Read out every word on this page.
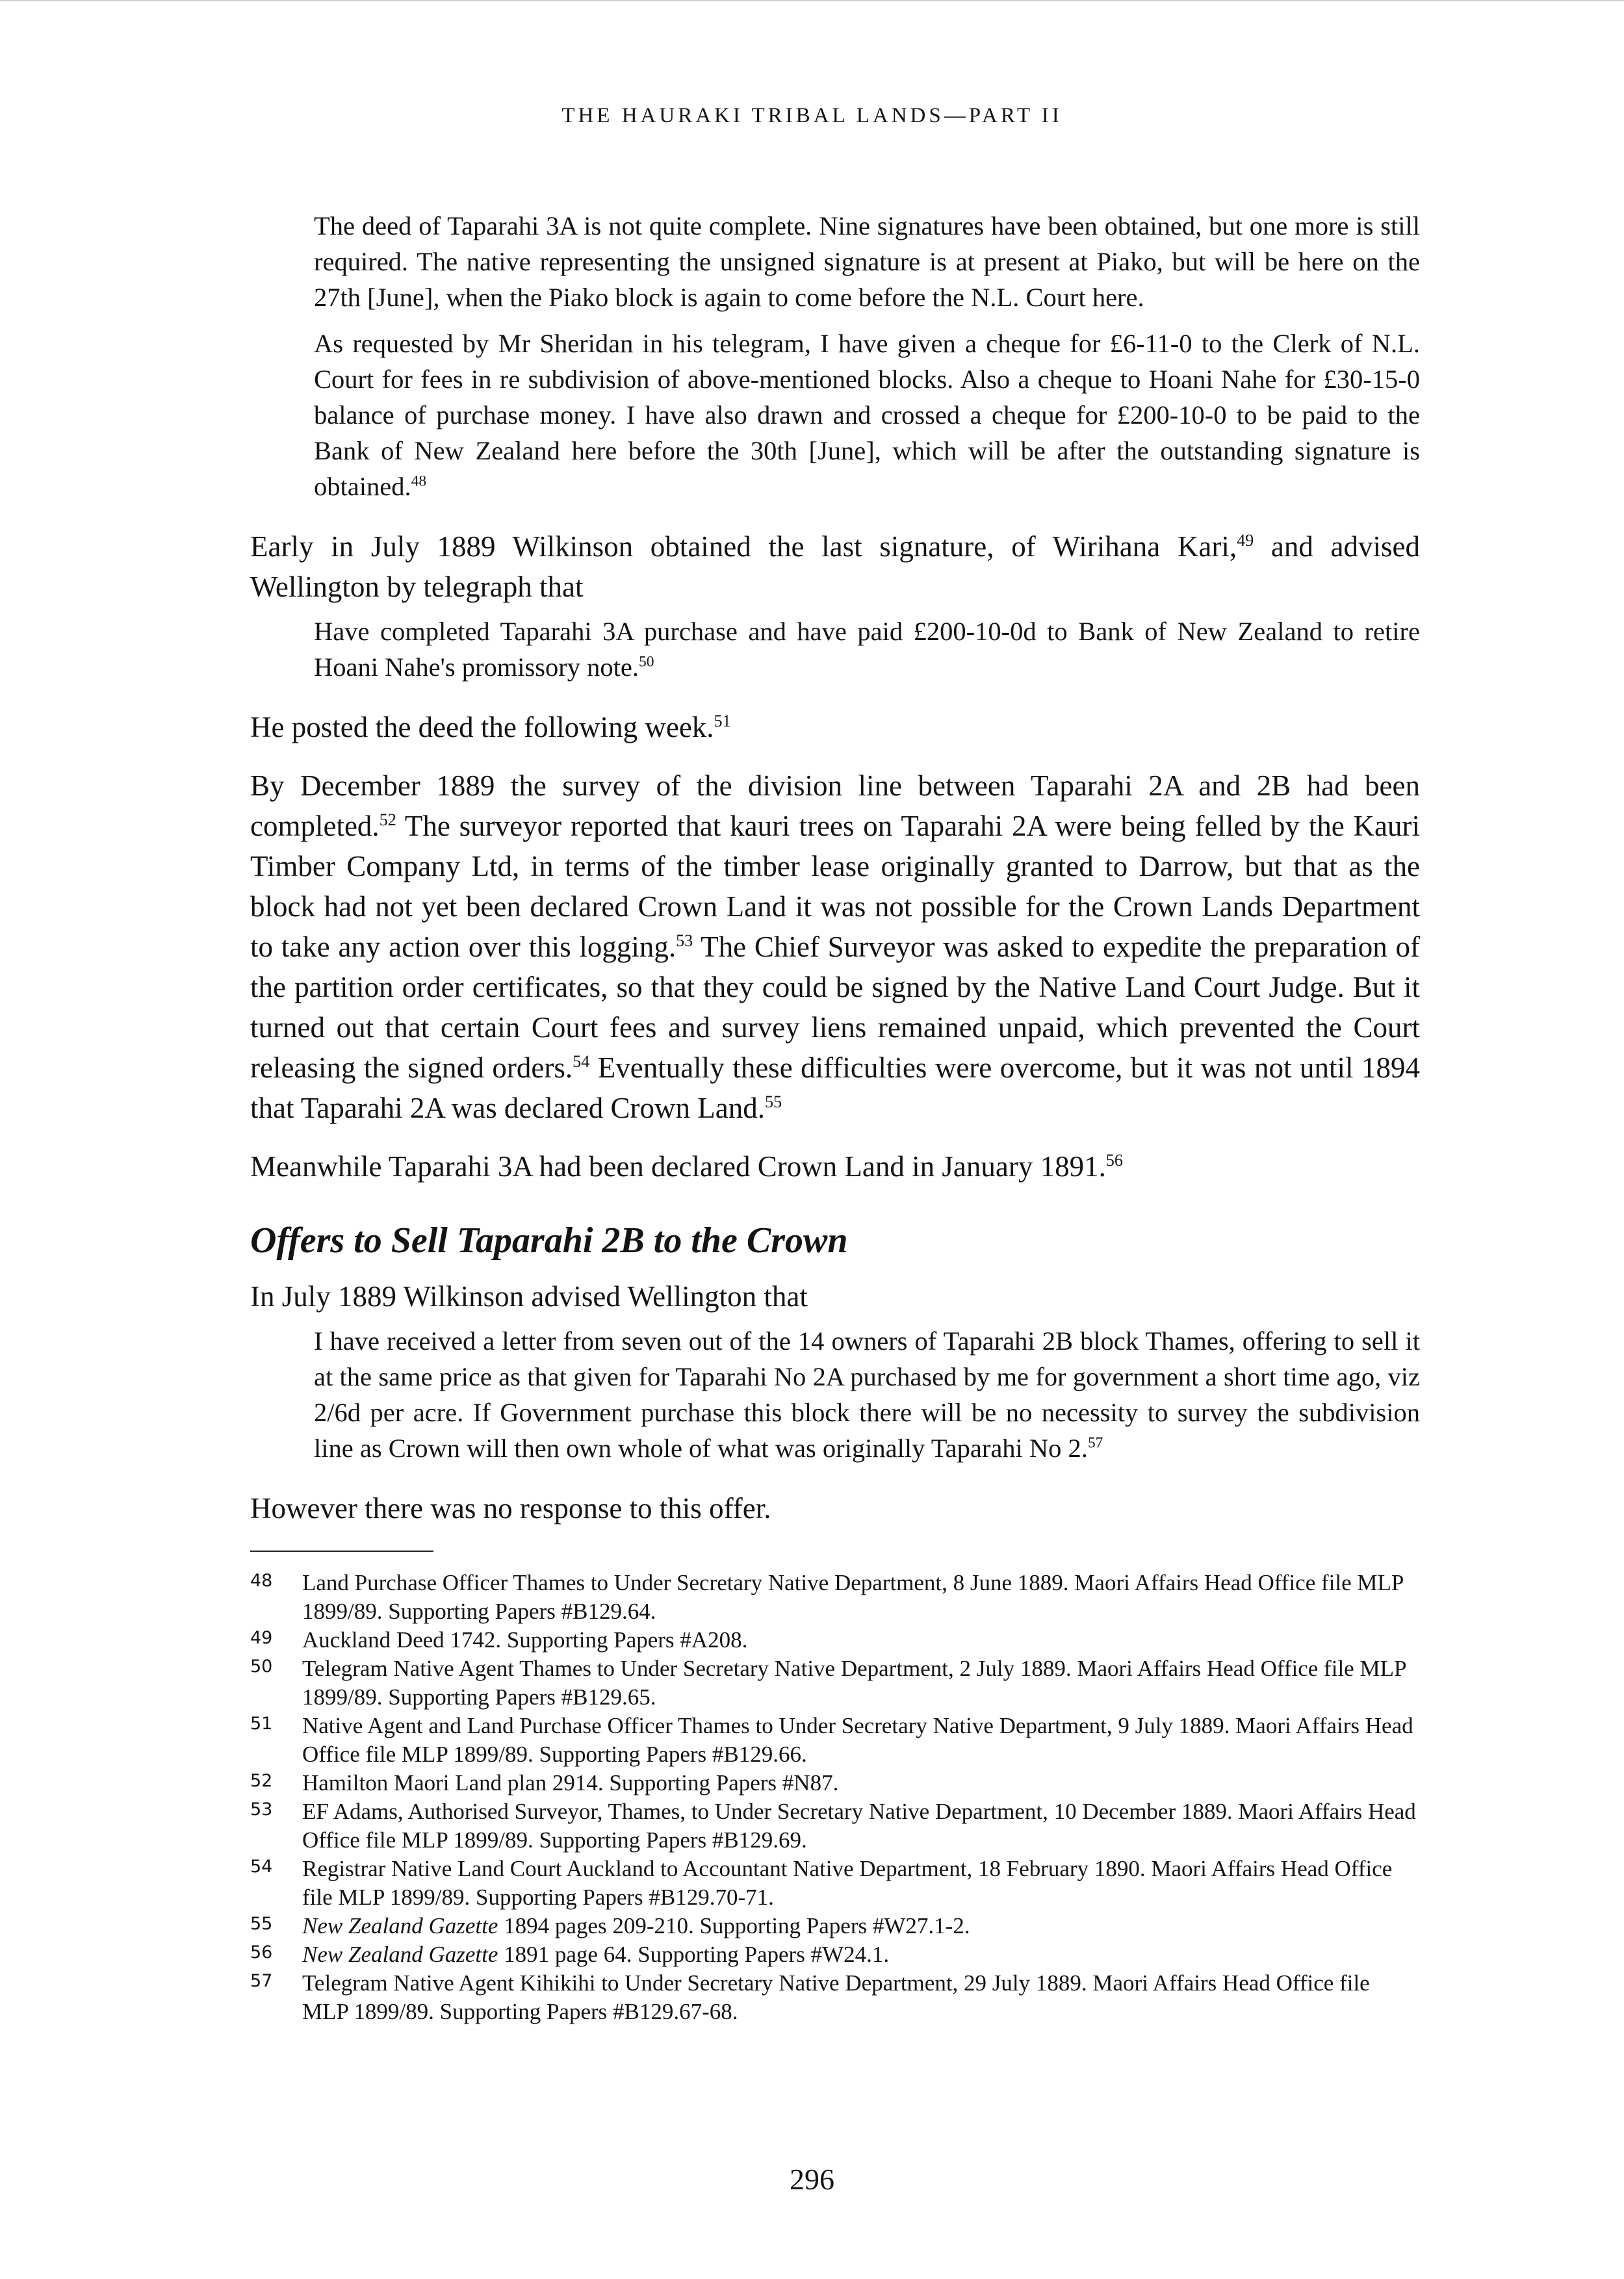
THE HAURAKI TRIBAL LANDS—PART II

The deed of Taparahi 3A is not quite complete. Nine signatures have been obtained, but one more is still required. The native representing the unsigned signature is at present at Piako, but will be here on the 27th [June], when the Piako block is again to come before the N.L. Court here.

As requested by Mr Sheridan in his telegram, I have given a cheque for £6-11-0 to the Clerk of N.L. Court for fees in re subdivision of above-mentioned blocks. Also a cheque to Hoani Nahe for £30-15-0 balance of purchase money. I have also drawn and crossed a cheque for £200-10-0 to be paid to the Bank of New Zealand here before the 30th [June], which will be after the outstanding signature is obtained.$^{48}$

Early in July 1889 Wilkinson obtained the last signature, of Wirihana Kari,$^{49}$ and advised Wellington by telegraph that

Have completed Taparahi 3A purchase and have paid £200-10-0d to Bank of New Zealand to retire Hoani Nahe's promissory note.$^{50}$

He posted the deed the following week.$^{51}$

By December 1889 the survey of the division line between Taparahi 2A and 2B had been completed.$^{52}$ The surveyor reported that kauri trees on Taparahi 2A were being felled by the Kauri Timber Company Ltd, in terms of the timber lease originally granted to Darrow, but that as the block had not yet been declared Crown Land it was not possible for the Crown Lands Department to take any action over this logging.$^{53}$ The Chief Surveyor was asked to expedite the preparation of the partition order certificates, so that they could be signed by the Native Land Court Judge. But it turned out that certain Court fees and survey liens remained unpaid, which prevented the Court releasing the signed orders.$^{54}$ Eventually these difficulties were overcome, but it was not until 1894 that Taparahi 2A was declared Crown Land.$^{55}$

Meanwhile Taparahi 3A had been declared Crown Land in January 1891.56

Offers to Sell Taparahi 2B to the Crown

In July 1889 Wilkinson advised Wellington that

I have received a letter from seven out of the 14 owners of Taparahi 2B block Thames, offering to sell it at the same price as that given for Taparahi No 2A purchased by me for government a short time ago, viz 2/6d per acre. If Government purchase this block there will be no necessity to survey the subdivision line as Crown will then own whole of what was originally Taparahi No 2.57

However there was no response to this offer.

48	Land Purchase Officer Thames to Under Secretary Native Department, 8 June 1889. Maori Affairs Head Office file MLP 1899/89. Supporting Papers #B129.64.
49	Auckland Deed 1742. Supporting Papers #A208.
50	Telegram Native Agent Thames to Under Secretary Native Department, 2 July 1889. Maori Affairs Head Office file MLP 1899/89. Supporting Papers #B129.65.
51	Native Agent and Land Purchase Officer Thames to Under Secretary Native Department, 9 July 1889. Maori Affairs Head Office file MLP 1899/89. Supporting Papers #B129.66.
52	Hamilton Maori Land plan 2914. Supporting Papers #N87.
53	EF Adams, Authorised Surveyor, Thames, to Under Secretary Native Department, 10 December 1889. Maori Affairs Head Office file MLP 1899/89. Supporting Papers #B129.69.
54	Registrar Native Land Court Auckland to Accountant Native Department, 18 February 1890. Maori Affairs Head Office file MLP 1899/89. Supporting Papers #B129.70-71.
55	New Zealand Gazette 1894 pages 209-210. Supporting Papers #W27.1-2.
56	New Zealand Gazette 1891 page 64. Supporting Papers #W24.1.
57	Telegram Native Agent Kihikihi to Under Secretary Native Department, 29 July 1889. Maori Affairs Head Office file MLP 1899/89. Supporting Papers #B129.67-68.
296
